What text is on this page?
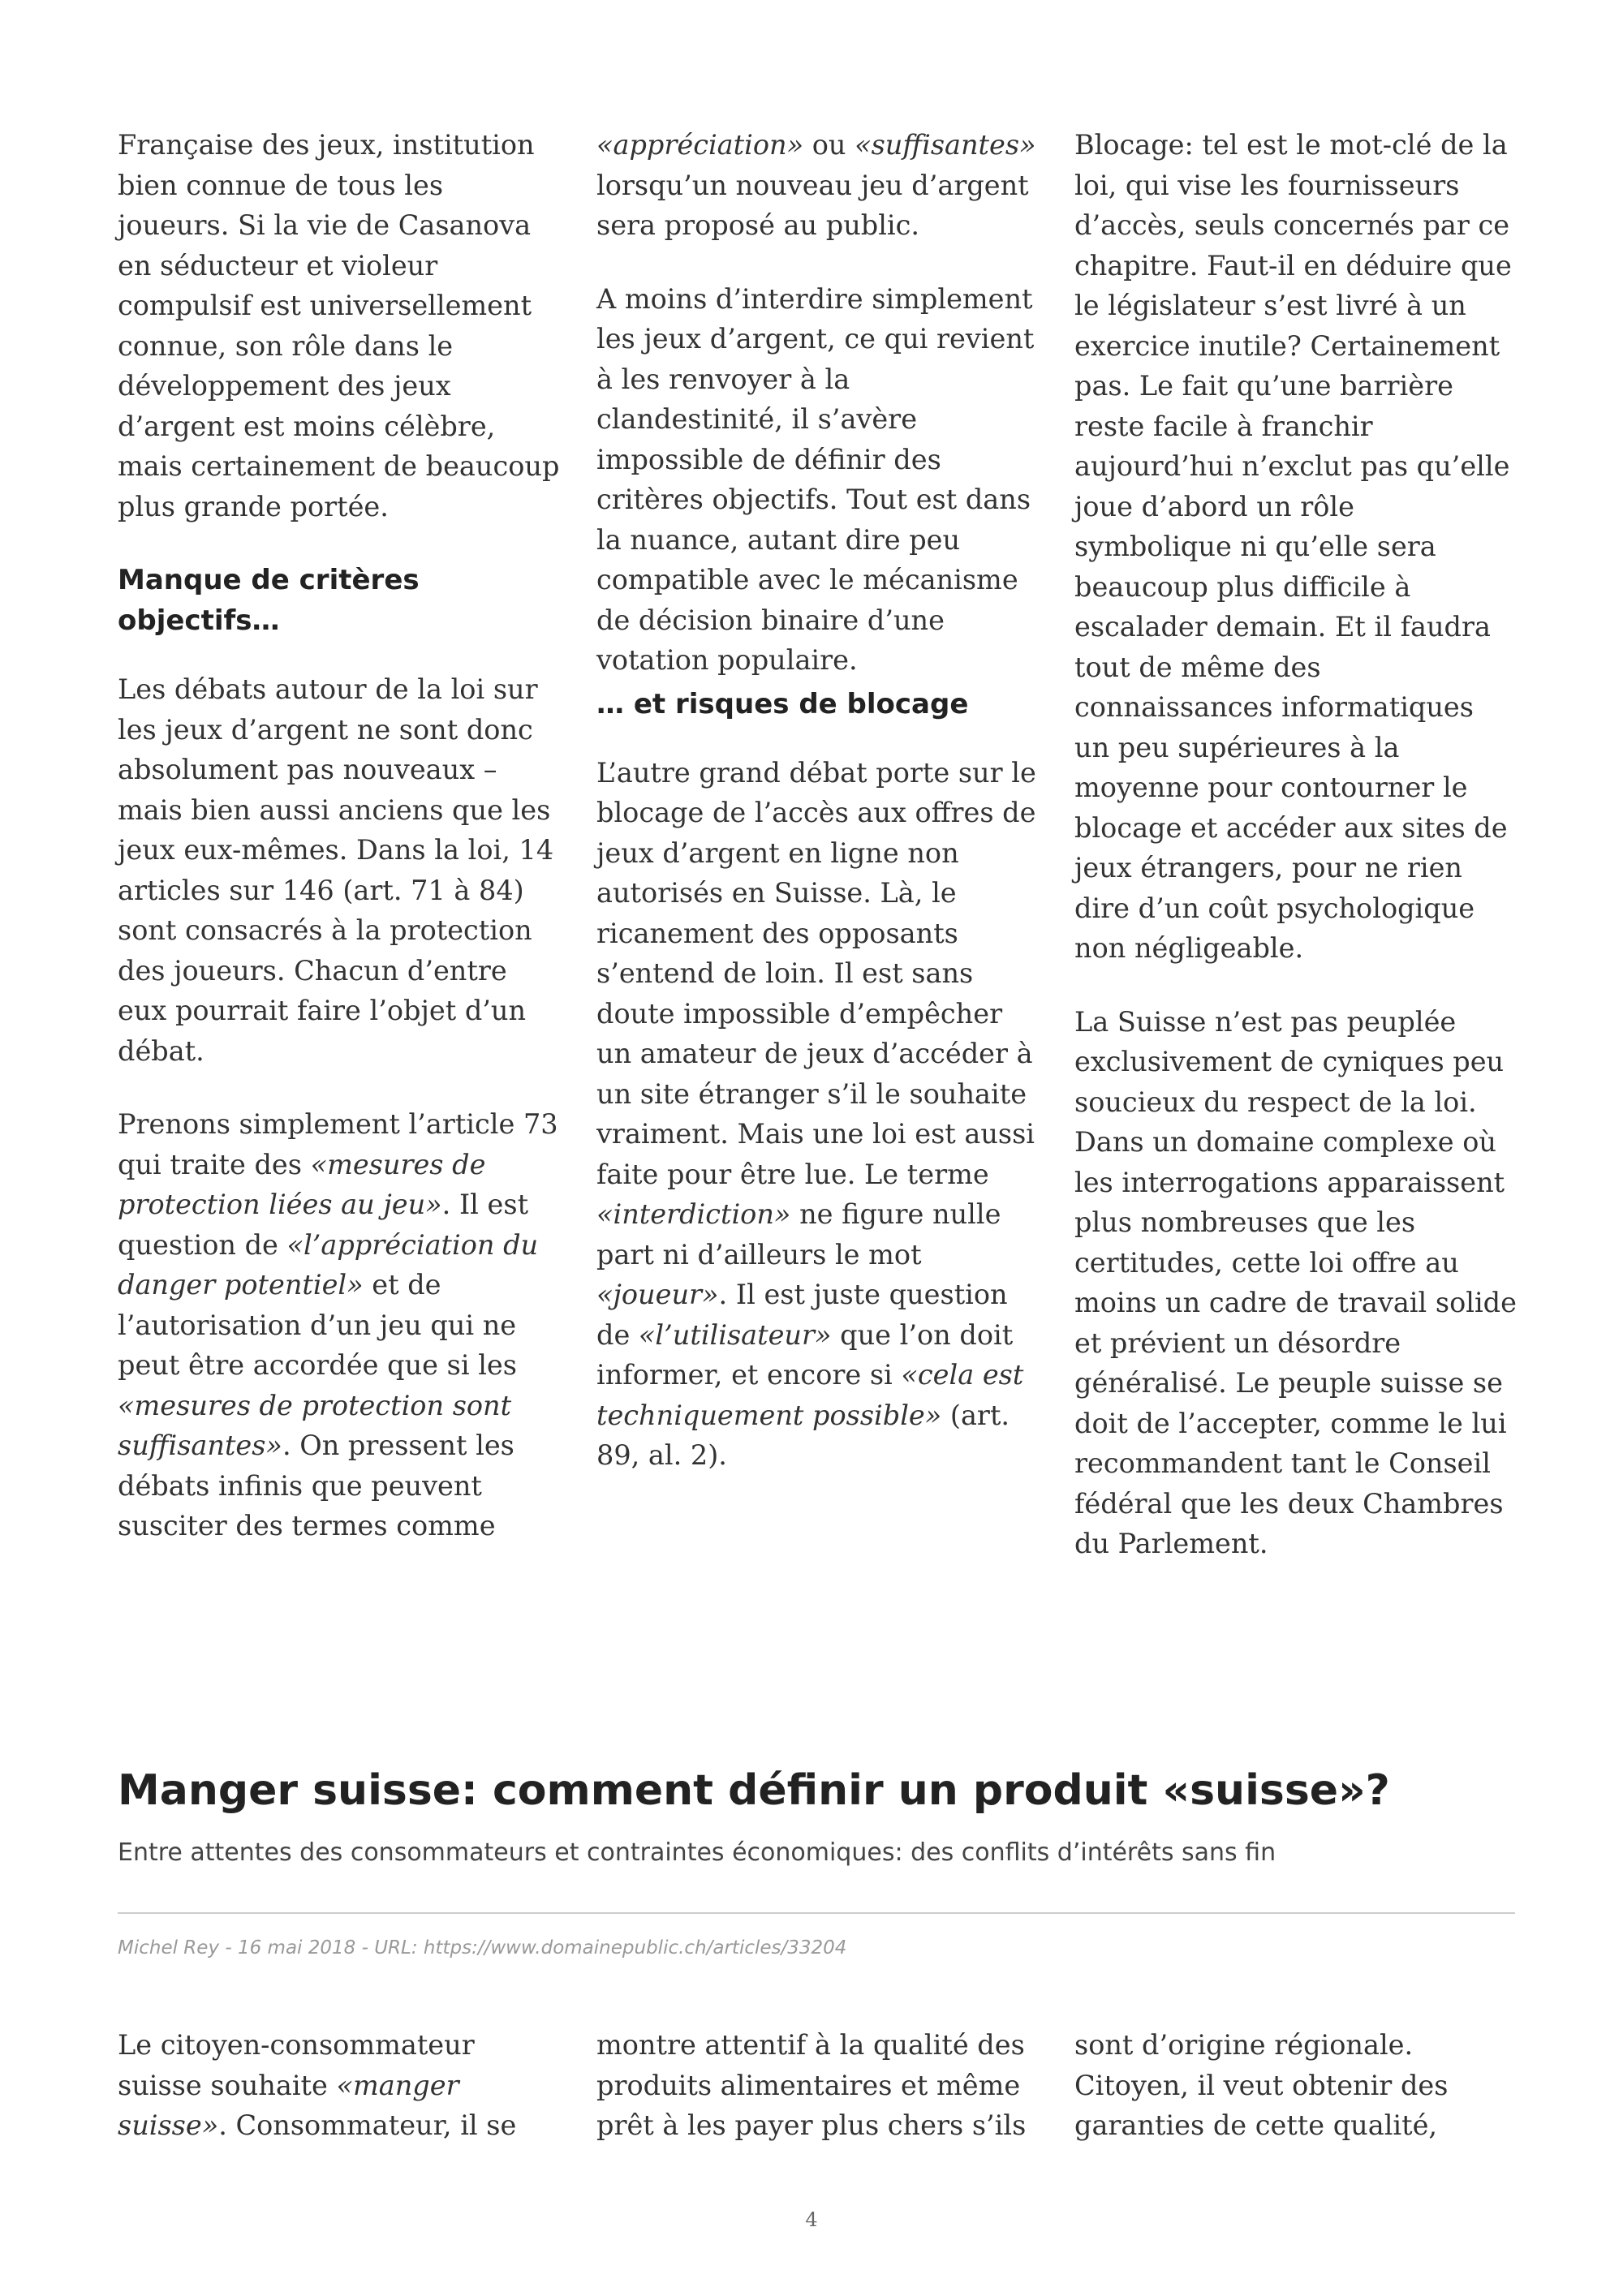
Française des jeux, institution bien connue de tous les joueurs. Si la vie de Casanova en séducteur et violeur compulsif est universellement connue, son rôle dans le développement des jeux d’argent est moins célèbre, mais certainement de beaucoup plus grande portée.

Manque de critères objectifs…

Les débats autour de la loi sur les jeux d’argent ne sont donc absolument pas nouveaux – mais bien aussi anciens que les jeux eux-mêmes. Dans la loi, 14 articles sur 146 (art. 71 à 84) sont consacrés à la protection des joueurs. Chacun d’entre eux pourrait faire l’objet d’un débat.

Prenons simplement l’article 73 qui traite des «mesures de protection liées au jeu». Il est question de «l’appréciation du danger potentiel» et de l’autorisation d’un jeu qui ne peut être accordée que si les «mesures de protection sont suffisantes». On pressent les débats infinis que peuvent susciter des termes comme

«appréciation» ou «suffisantes» lorsqu’un nouveau jeu d’argent sera proposé au public.

A moins d’interdire simplement les jeux d’argent, ce qui revient à les renvoyer à la clandestinité, il s’avère impossible de définir des critères objectifs. Tout est dans la nuance, autant dire peu compatible avec le mécanisme de décision binaire d’une votation populaire.

… et risques de blocage

L’autre grand débat porte sur le blocage de l’accès aux offres de jeux d’argent en ligne non autorisés en Suisse. Là, le ricanement des opposants s’entend de loin. Il est sans doute impossible d’empêcher un amateur de jeux d’accéder à un site étranger s’il le souhaite vraiment. Mais une loi est aussi faite pour être lue. Le terme «interdiction» ne figure nulle part ni d’ailleurs le mot «joueur». Il est juste question de «l’utilisateur» que l’on doit informer, et encore si «cela est techniquement possible» (art. 89, al. 2).

Blocage: tel est le mot-clé de la loi, qui vise les fournisseurs d’accès, seuls concernés par ce chapitre. Faut-il en déduire que le législateur s’est livré à un exercice inutile? Certainement pas. Le fait qu’une barrière reste facile à franchir aujourd’hui n’exclut pas qu’elle joue d’abord un rôle symbolique ni qu’elle sera beaucoup plus difficile à escalader demain. Et il faudra tout de même des connaissances informatiques un peu supérieures à la moyenne pour contourner le blocage et accéder aux sites de jeux étrangers, pour ne rien dire d’un coût psychologique non négligeable.

La Suisse n’est pas peuplée exclusivement de cyniques peu soucieux du respect de la loi. Dans un domaine complexe où les interrogations apparaissent plus nombreuses que les certitudes, cette loi offre au moins un cadre de travail solide et prévient un désordre généralisé. Le peuple suisse se doit de l’accepter, comme le lui recommandent tant le Conseil fédéral que les deux Chambres du Parlement.

Manger suisse: comment définir un produit «suisse»?

Entre attentes des consommateurs et contraintes économiques: des conflits d’intérêts sans fin

Michel Rey - 16 mai 2018 - URL: https://www.domainepublic.ch/articles/33204

Le citoyen-consommateur suisse souhaite «manger suisse». Consommateur, il se

montre attentif à la qualité des produits alimentaires et même prêt à les payer plus chers s’ils

sont d’origine régionale. Citoyen, il veut obtenir des garanties de cette qualité,

4
